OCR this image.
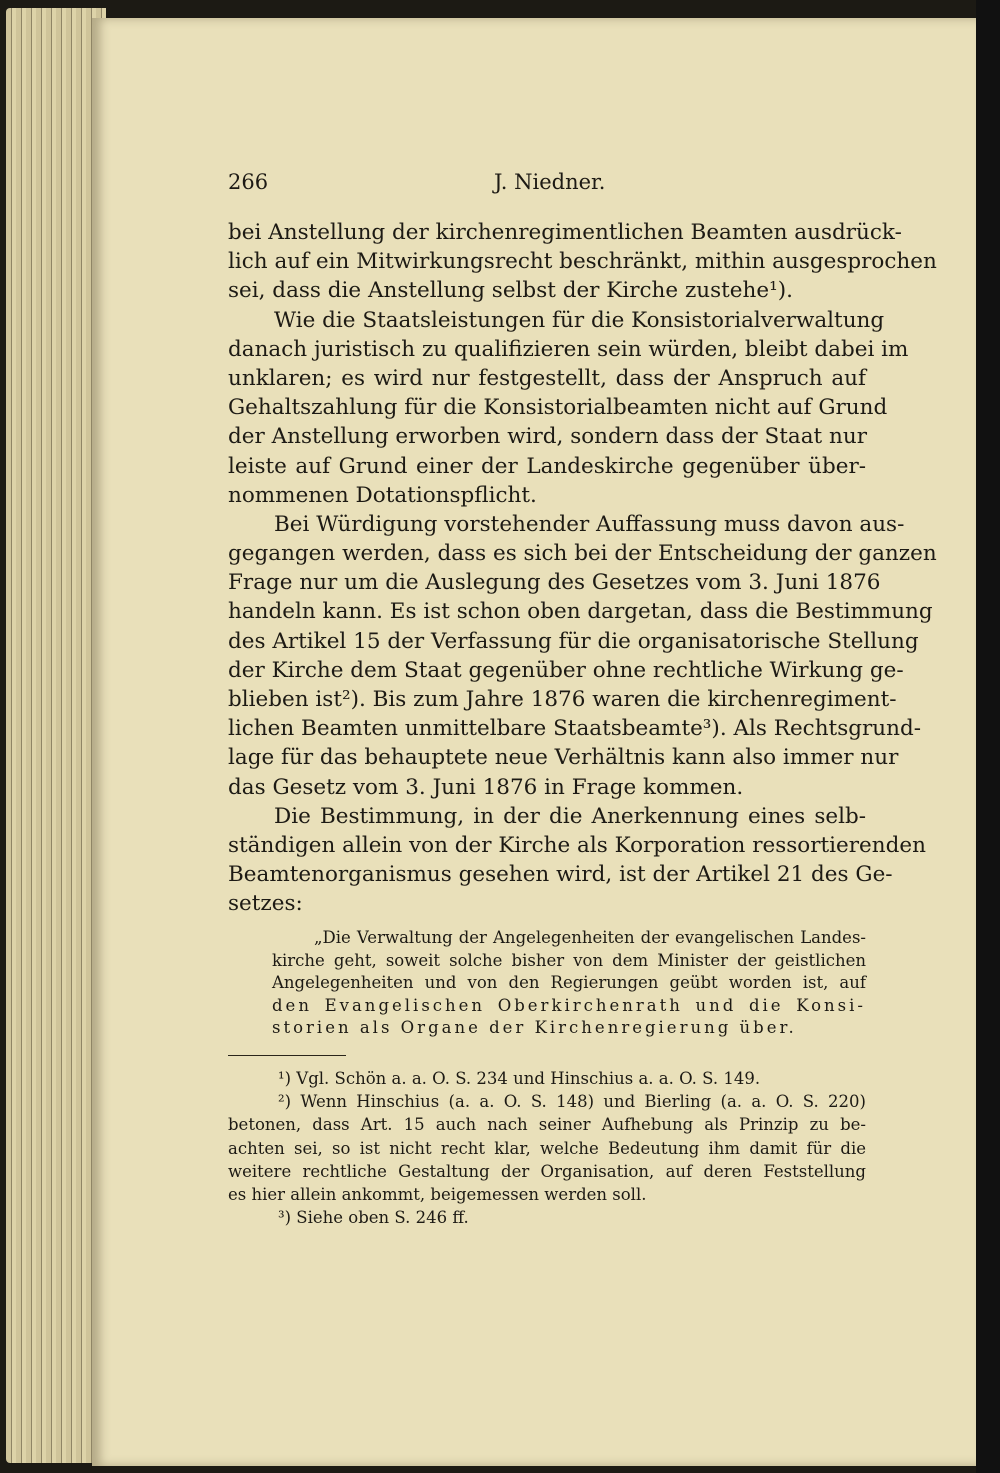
266	J. Niedner.
bei Anstellung der kirchenregimentlichen Beamten ausdrück-
lich auf ein Mitwirkungsrecht beschränkt, mithin ausgesprochen
sei, dass die Anstellung selbst der Kirche zustehe¹).
Wie die Staatsleistungen für die Konsistorialverwaltung
danach juristisch zu qualifizieren sein würden, bleibt dabei im
unklaren; es wird nur festgestellt, dass der Anspruch auf
Gehaltszahlung für die Konsistorialbeamten nicht auf Grund
der Anstellung erworben wird, sondern dass der Staat nur
leiste auf Grund einer der Landeskirche gegenüber über-
nommenen Dotationspflicht.
Bei Würdigung vorstehender Auffassung muss davon aus-
gegangen werden, dass es sich bei der Entscheidung der ganzen
Frage nur um die Auslegung des Gesetzes vom 3. Juni 1876
handeln kann. Es ist schon oben dargetan, dass die Bestimmung
des Artikel 15 der Verfassung für die organisatorische Stellung
der Kirche dem Staat gegenüber ohne rechtliche Wirkung ge-
blieben ist²). Bis zum Jahre 1876 waren die kirchenregiment-
lichen Beamten unmittelbare Staatsbeamte³). Als Rechtsgrund-
lage für das behauptete neue Verhältnis kann also immer nur
das Gesetz vom 3. Juni 1876 in Frage kommen.
Die Bestimmung, in der die Anerkennung eines selb-
ständigen allein von der Kirche als Korporation ressortierenden
Beamtenorganismus gesehen wird, ist der Artikel 21 des Ge-
setzes:
„Die Verwaltung der Angelegenheiten der evangelischen Landes-
kirche geht, soweit solche bisher von dem Minister der geistlichen
Angelegenheiten und von den Regierungen geübt worden ist, auf
den Evangelischen Oberkirchenrath und die Konsi-
storien als Organe der Kirchenregierung über.
¹) Vgl. Schön a. a. O. S. 234 und Hinschius a. a. O. S. 149.
²) Wenn Hinschius (a. a. O. S. 148) und Bierling (a. a. O. S. 220)
betonen, dass Art. 15 auch nach seiner Aufhebung als Prinzip zu be-
achten sei, so ist nicht recht klar, welche Bedeutung ihm damit für die
weitere rechtliche Gestaltung der Organisation, auf deren Feststellung
es hier allein ankommt, beigemessen werden soll.
³) Siehe oben S. 246 ff.
